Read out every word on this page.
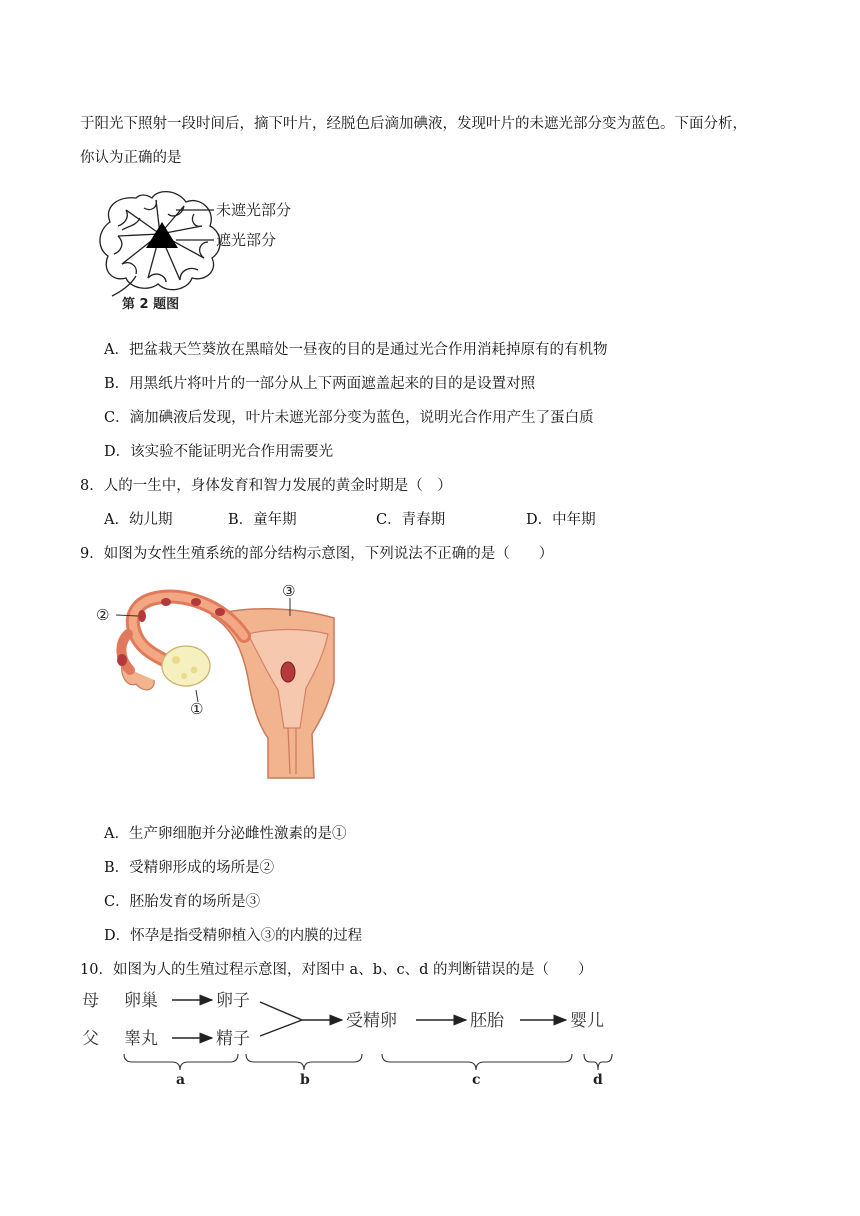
于阳光下照射一段时间后，摘下叶片，经脱色后滴加碘液，发现叶片的未遮光部分变为蓝色。下面分析，
你认为正确的是
未遮光部分
遮光部分
第 2 题图
A．把盆栽天竺葵放在黑暗处一昼夜的目的是通过光合作用消耗掉原有的有机物
B．用黑纸片将叶片的一部分从上下两面遮盖起来的目的是设置对照
C．滴加碘液后发现，叶片未遮光部分变为蓝色，说明光合作用产生了蛋白质
D．该实验不能证明光合作用需要光
8．人的一生中，身体发育和智力发展的黄金时期是（　）
A．幼儿期	B．童年期	C．青春期	D．中年期
9．如图为女性生殖系统的部分结构示意图，下列说法不正确的是（　　）
②
③
①
A．生产卵细胞并分泌雌性激素的是①
B．受精卵形成的场所是②
C．胚胎发育的场所是③
D．怀孕是指受精卵植入③的内膜的过程
10．如图为人的生殖过程示意图，对图中 a、b、c、d 的判断错误的是（　　）
母
父
卵巢
睾丸
卵子
精子
受精卵	胚胎	婴儿
a	b	c	d
